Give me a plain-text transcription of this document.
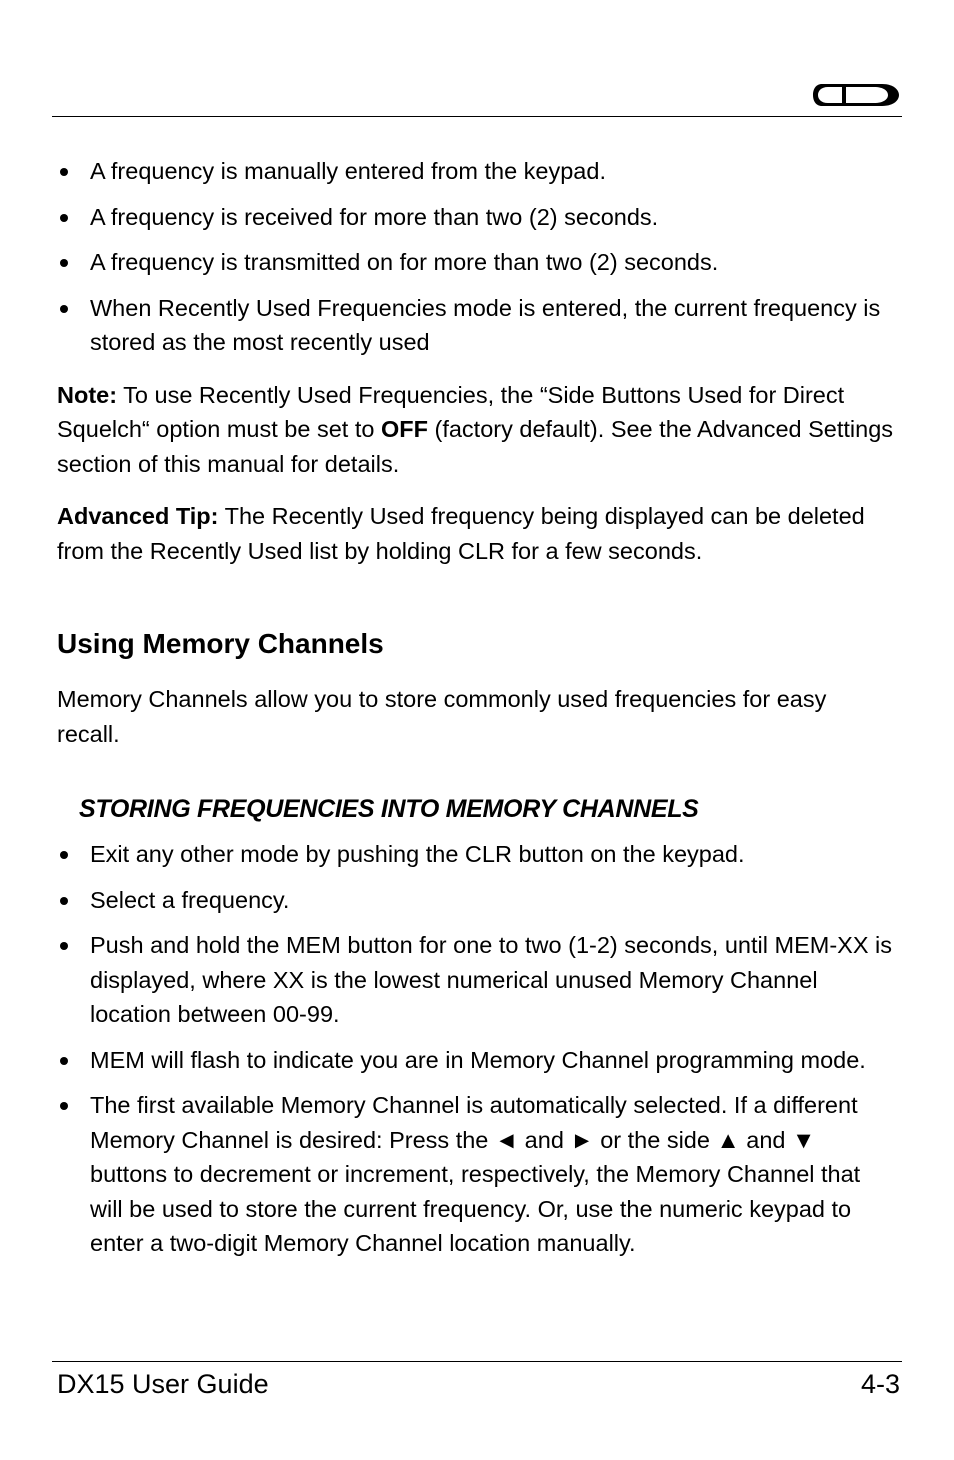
A frequency is manually entered from the keypad.
A frequency is received for more than two (2) seconds.
A frequency is transmitted on for more than two (2) seconds.
When Recently Used Frequencies mode is entered, the current frequency is stored as the most recently used

Note: To use Recently Used Frequencies, the “Side Buttons Used for Direct Squelch“ option must be set to OFF (factory default). See the Advanced Settings section of this manual for details.

Advanced Tip: The Recently Used frequency being displayed can be deleted from the Recently Used list by holding CLR for a few seconds.

Using Memory Channels

Memory Channels allow you to store commonly used frequencies for easy recall.

STORING FREQUENCIES INTO MEMORY CHANNELS
Exit any other mode by pushing the CLR button on the keypad.
Select a frequency.
Push and hold the MEM button for one to two (1-2) seconds, until MEM-XX is displayed, where XX is the lowest numerical unused Memory Channel location between 00-99.
MEM will flash to indicate you are in Memory Channel programming mode.
The first available Memory Channel is automatically selected. If a different Memory Channel is desired: Press the ◄ and ► or the side ▲ and ▼ buttons to decrement or increment, respectively, the Memory Channel that will be used to store the current frequency. Or, use the numeric keypad to enter a two-digit Memory Channel location manually.
DX15 User Guide	4-3
